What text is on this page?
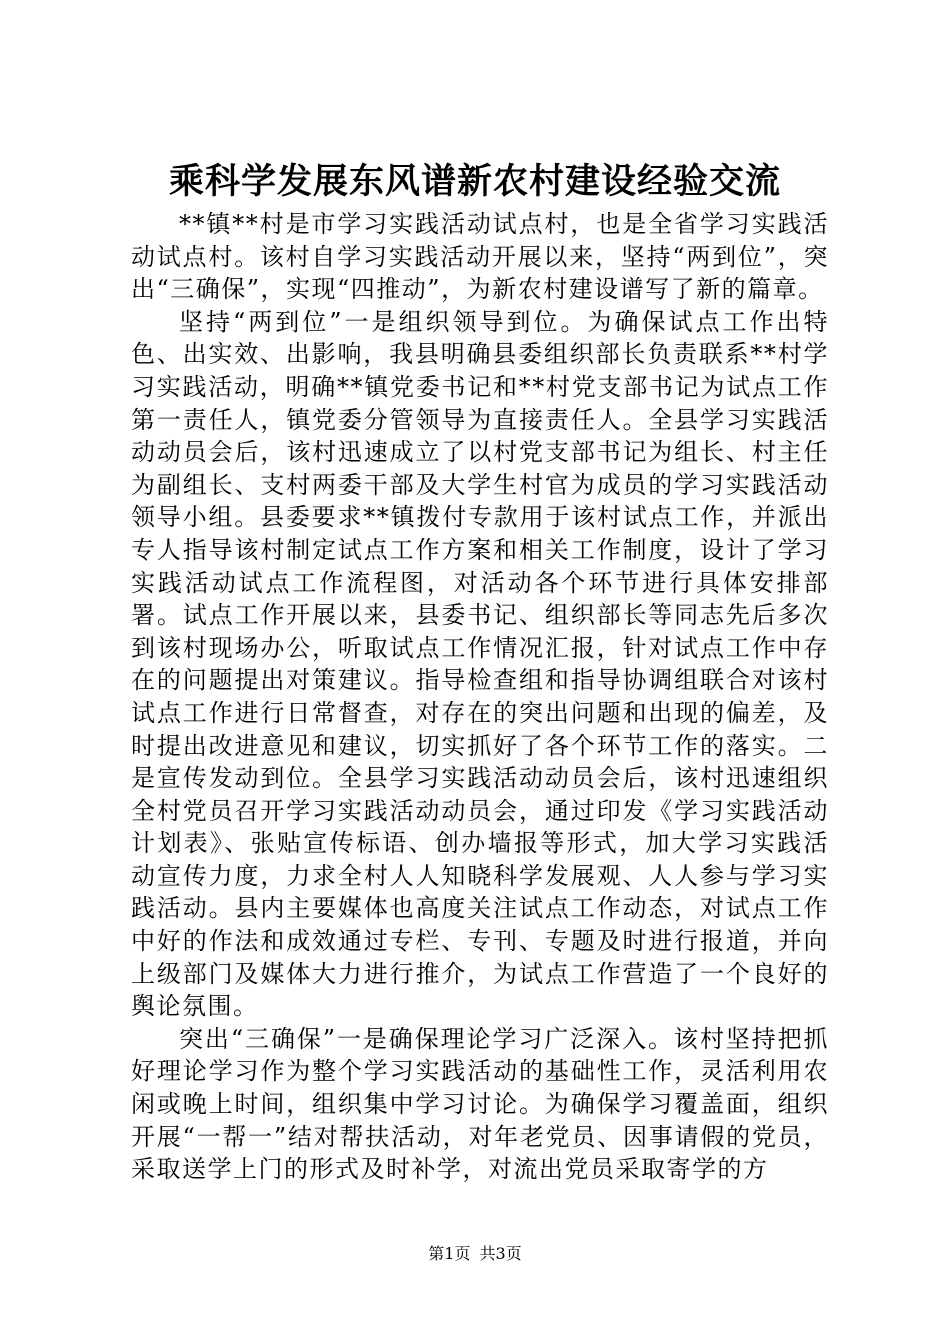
乘科学发展东风谱新农村建设经验交流

**镇**村是市学习实践活动试点村，也是全省学习实践活动试点村。该村自学习实践活动开展以来，坚持“两到位”，突出“三确保”，实现“四推动”，为新农村建设谱写了新的篇章。

坚持“两到位”一是组织领导到位。为确保试点工作出特色、出实效、出影响，我县明确县委组织部长负责联系**村学习实践活动，明确**镇党委书记和**村党支部书记为试点工作第一责任人，镇党委分管领导为直接责任人。全县学习实践活动动员会后，该村迅速成立了以村党支部书记为组长、村主任为副组长、支村两委干部及大学生村官为成员的学习实践活动领导小组。县委要求**镇拨付专款用于该村试点工作，并派出专人指导该村制定试点工作方案和相关工作制度，设计了学习实践活动试点工作流程图，对活动各个环节进行具体安排部署。试点工作开展以来，县委书记、组织部长等同志先后多次到该村现场办公，听取试点工作情况汇报，针对试点工作中存在的问题提出对策建议。指导检查组和指导协调组联合对该村试点工作进行日常督查，对存在的突出问题和出现的偏差，及时提出改进意见和建议，切实抓好了各个环节工作的落实。二是宣传发动到位。全县学习实践活动动员会后，该村迅速组织全村党员召开学习实践活动动员会，通过印发《学习实践活动计划表》、张贴宣传标语、创办墙报等形式，加大学习实践活动宣传力度，力求全村人人知晓科学发展观、人人参与学习实践活动。县内主要媒体也高度关注试点工作动态，对试点工作中好的作法和成效通过专栏、专刊、专题及时进行报道，并向上级部门及媒体大力进行推介，为试点工作营造了一个良好的舆论氛围。

突出“三确保”一是确保理论学习广泛深入。该村坚持把抓好理论学习作为整个学习实践活动的基础性工作，灵活利用农闲或晚上时间，组织集中学习讨论。为确保学习覆盖面，组织开展“一帮一”结对帮扶活动，对年老党员、因事请假的党员，采取送学上门的形式及时补学，对流出党员采取寄学的方

第1页 共3页
